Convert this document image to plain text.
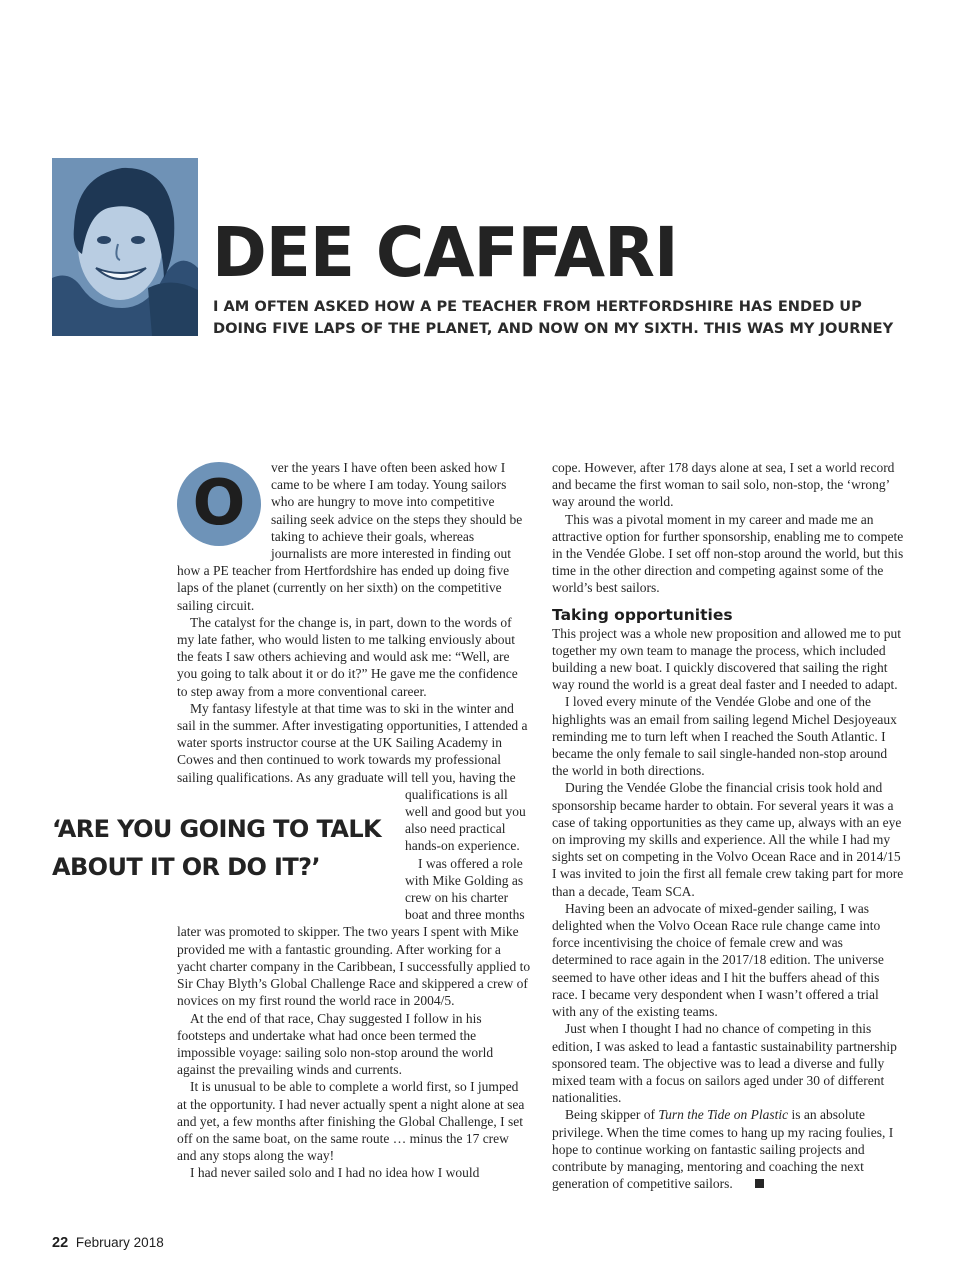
DEE CAFFARI
I AM OFTEN ASKED HOW A PE TEACHER FROM HERTFORDSHIRE HAS ENDED UP
DOING FIVE LAPS OF THE PLANET, AND NOW ON MY SIXTH. THIS WAS MY JOURNEY
O	ver the years I have often been asked how I came to be where I am today. Young sailors who are hungry to move into competitive sailing seek advice on the steps they should be taking to achieve their goals, whereas journalists are more interested in finding out how a PE teacher from Hertfordshire has ended up doing five laps of the planet (currently on her sixth) on the competitive sailing circuit.

The catalyst for the change is, in part, down to the words of my late father, who would listen to me talking enviously about the feats I saw others achieving and would ask me: “Well, are you going to talk about it or do it?” He gave me the confidence to step away from a more conventional career.

My fantasy lifestyle at that time was to ski in the winter and sail in the summer. After investigating opportunities, I attended a water sports instructor course at the UK Sailing Academy in Cowes and then continued to work towards my professional sailing qualifications. As any graduate will tell you, having the qualifications is all well and good but you also need practical hands-on experience.

I was offered a role with Mike Golding as crew on his charter boat and three months later was promoted to skipper. The two years I spent with Mike provided me with a fantastic grounding. After working for a yacht charter company in the Caribbean, I successfully applied to Sir Chay Blyth’s Global Challenge Race and skippered a crew of novices on my first round the world race in 2004/5.

At the end of that race, Chay suggested I follow in his footsteps and undertake what had once been termed the impossible voyage: sailing solo non-stop around the world against the prevailing winds and currents.

It is unusual to be able to complete a world first, so I jumped at the opportunity. I had never actually spent a night alone at sea and yet, a few months after finishing the Global Challenge, I set off on the same boat, on the same route … minus the 17 crew and any stops along the way!

I had never sailed solo and I had no idea how I would

‘ARE YOU GOING TO TALK
ABOUT IT OR DO IT?’

cope. However, after 178 days alone at sea, I set a world record and became the first woman to sail solo, non-stop, the ‘wrong’ way around the world.

This was a pivotal moment in my career and made me an attractive option for further sponsorship, enabling me to compete in the Vendée Globe. I set off non-stop around the world, but this time in the other direction and competing against some of the world’s best sailors.

Taking opportunities

This project was a whole new proposition and allowed me to put together my own team to manage the process, which included building a new boat. I quickly discovered that sailing the right way round the world is a great deal faster and I needed to adapt.

I loved every minute of the Vendée Globe and one of the highlights was an email from sailing legend Michel Desjoyeaux reminding me to turn left when I reached the South Atlantic. I became the only female to sail single-handed non-stop around the world in both directions.

During the Vendée Globe the financial crisis took hold and sponsorship became harder to obtain. For several years it was a case of taking opportunities as they came up, always with an eye on improving my skills and experience. All the while I had my sights set on competing in the Volvo Ocean Race and in 2014/15 I was invited to join the first all female crew taking part for more than a decade, Team SCA.

Having been an advocate of mixed-gender sailing, I was delighted when the Volvo Ocean Race rule change came into force incentivising the choice of female crew and was determined to race again in the 2017/18 edition. The universe seemed to have other ideas and I hit the buffers ahead of this race. I became very despondent when I wasn’t offered a trial with any of the existing teams.

Just when I thought I had no chance of competing in this edition, I was asked to lead a fantastic sustainability partnership sponsored team. The objective was to lead a diverse and fully mixed team with a focus on sailors aged under 30 of different nationalities.

Being skipper of Turn the Tide on Plastic is an absolute privilege. When the time comes to hang up my racing foulies, I hope to continue working on fantastic sailing projects and contribute by managing, mentoring and coaching the next generation of competitive sailors.

22 February 2018
